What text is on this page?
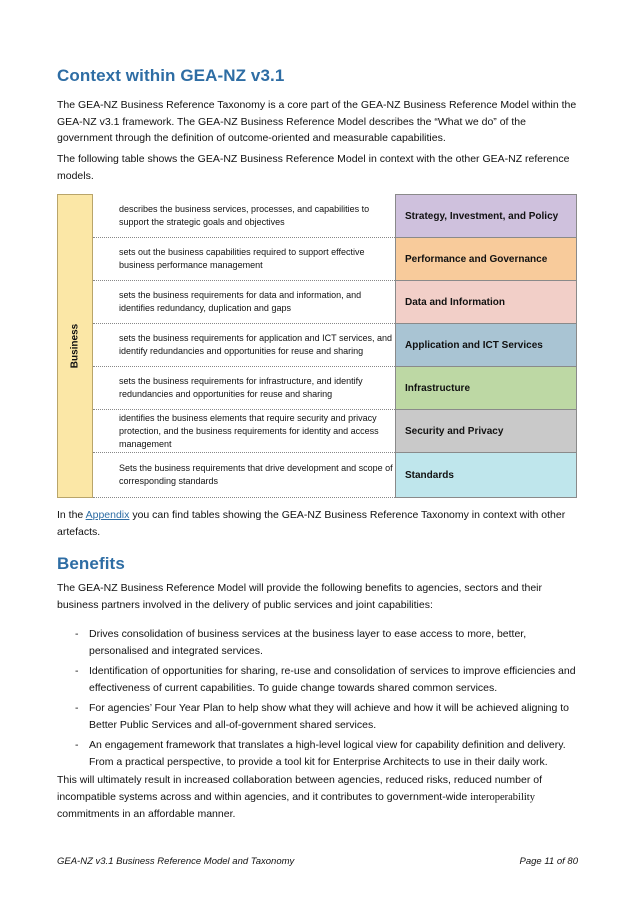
Context within GEA-NZ v3.1

The GEA-NZ Business Reference Taxonomy is a core part of the GEA-NZ Business Reference Model within the GEA-NZ v3.1 framework. The GEA-NZ Business Reference Model describes the “What we do” of the government through the definition of outcome-oriented and measurable capabilities.

The following table shows the GEA-NZ Business Reference Model in context with the other GEA-NZ reference models.

Business
describes the business services, processes, and capabilities to support the strategic goals and objectives	Strategy, Investment, and Policy
sets out the business capabilities required to support effective business performance management
Performance and Governance
sets the business requirements for data and information, and identifies redundancy, duplication and gaps
Data and Information
sets the business requirements for application and ICT services, and identify redundancies and opportunities for reuse and sharing
Application and ICT Services
sets the business requirements for infrastructure, and identify redundancies and opportunities for reuse and sharing
Infrastructure
identifies the business elements that require security and privacy protection, and the business requirements for identity and access management
Security and Privacy
Sets the business requirements that drive development and scope of corresponding standards
Standards

In the Appendix you can find tables showing the GEA-NZ Business Reference Taxonomy in context with other artefacts.

Benefits

The GEA-NZ Business Reference Model will provide the following benefits to agencies, sectors and their business partners involved in the delivery of public services and joint capabilities:

- Drives consolidation of business services at the business layer to ease access to more, better, personalised and integrated services.
- Identification of opportunities for sharing, re-use and consolidation of services to improve efficiencies and effectiveness of current capabilities. To guide change towards shared common services.
- For agencies’ Four Year Plan to help show what they will achieve and how it will be achieved aligning to Better Public Services and all-of-government shared services.
- An engagement framework that translates a high-level logical view for capability definition and delivery. From a practical perspective, to provide a tool kit for Enterprise Architects to use in their daily work.

This will ultimately result in increased collaboration between agencies, reduced risks, reduced number of incompatible systems across and within agencies, and it contributes to government-wide interoperability commitments in an affordable manner.

GEA-NZ v3.1 Business Reference Model and Taxonomy	Page 11 of 80
